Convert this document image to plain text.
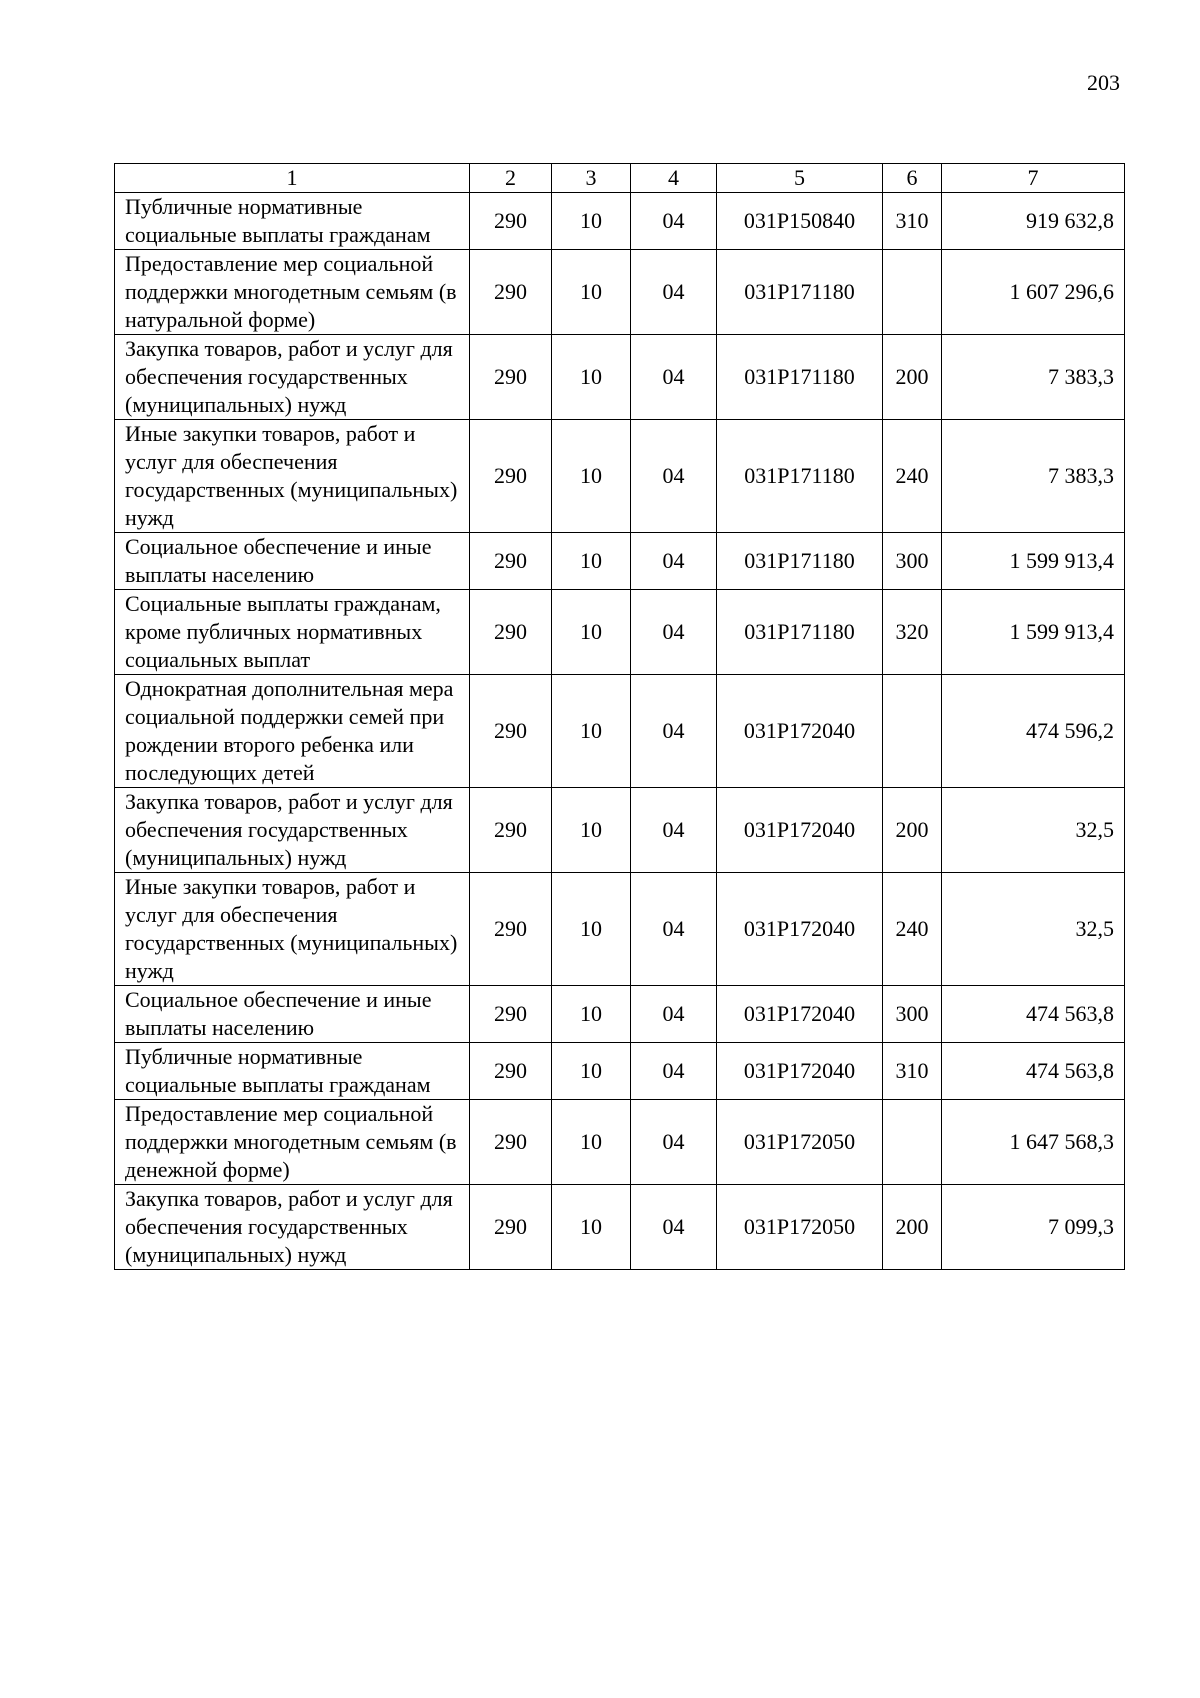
203
1	2	3	4	5	6	7
Публичные нормативные социальные выплаты гражданам	290	10	04	031P150840	310	919 632,8
Предоставление мер социальной поддержки многодетным семьям (в натуральной форме)	290	10	04	031P171180		1 607 296,6
Закупка товаров, работ и услуг для обеспечения государственных (муниципальных) нужд	290	10	04	031P171180	200	7 383,3
Иные закупки товаров, работ и услуг для обеспечения государственных (муниципальных) нужд	290	10	04	031P171180	240	7 383,3
Социальное обеспечение и иные выплаты населению	290	10	04	031P171180	300	1 599 913,4
Социальные выплаты гражданам, кроме публичных нормативных социальных выплат	290	10	04	031P171180	320	1 599 913,4
Однократная дополнительная мера социальной поддержки семей при рождении второго ребенка или последующих детей	290	10	04	031P172040		474 596,2
Закупка товаров, работ и услуг для обеспечения государственных (муниципальных) нужд	290	10	04	031P172040	200	32,5
Иные закупки товаров, работ и услуг для обеспечения государственных (муниципальных) нужд	290	10	04	031P172040	240	32,5
Социальное обеспечение и иные выплаты населению	290	10	04	031P172040	300	474 563,8
Публичные нормативные социальные выплаты гражданам	290	10	04	031P172040	310	474 563,8
Предоставление мер социальной поддержки многодетным семьям (в денежной форме)	290	10	04	031P172050		1 647 568,3
Закупка товаров, работ и услуг для обеспечения государственных (муниципальных) нужд	290	10	04	031P172050	200	7 099,3
